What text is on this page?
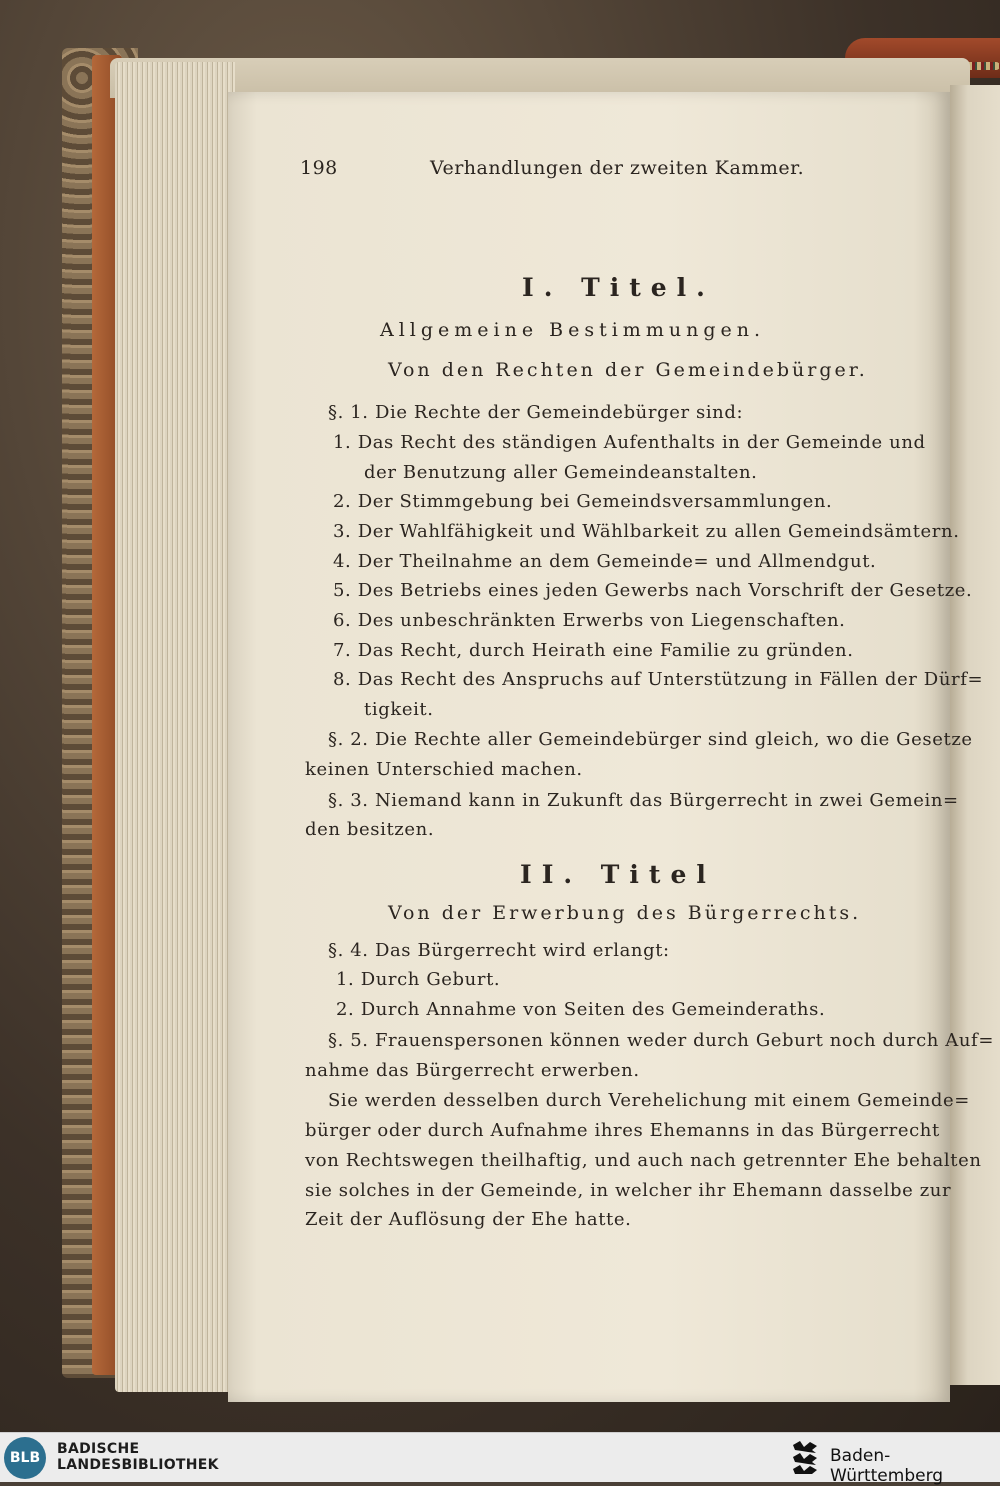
198	Verhandlungen der zweiten Kammer.
I. Titel.
Allgemeine Bestimmungen.
Von den Rechten der Gemeindebürger.
§. 1. Die Rechte der Gemeindebürger sind:
1. Das Recht des ständigen Aufenthalts in der Gemeinde und
der Benutzung aller Gemeindeanstalten.
2. Der Stimmgebung bei Gemeindsversammlungen.
3. Der Wahlfähigkeit und Wählbarkeit zu allen Gemeindsämtern.
4. Der Theilnahme an dem Gemeinde= und Allmendgut.
5. Des Betriebs eines jeden Gewerbs nach Vorschrift der Gesetze.
6. Des unbeschränkten Erwerbs von Liegenschaften.
7. Das Recht, durch Heirath eine Familie zu gründen.
8. Das Recht des Anspruchs auf Unterstützung in Fällen der Dürf=
tigkeit.
§. 2. Die Rechte aller Gemeindebürger sind gleich, wo die Gesetze
keinen Unterschied machen.
§. 3. Niemand kann in Zukunft das Bürgerrecht in zwei Gemein=
den besitzen.
II. Titel
Von der Erwerbung des Bürgerrechts.
§. 4. Das Bürgerrecht wird erlangt:
1. Durch Geburt.
2. Durch Annahme von Seiten des Gemeinderaths.
§. 5. Frauenspersonen können weder durch Geburt noch durch Auf=
nahme das Bürgerrecht erwerben.
Sie werden desselben durch Verehelichung mit einem Gemeinde=
bürger oder durch Aufnahme ihres Ehemanns in das Bürgerrecht
von Rechtswegen theilhaftig, und auch nach getrennter Ehe behalten
sie solches in der Gemeinde, in welcher ihr Ehemann dasselbe zur
Zeit der Auflösung der Ehe hatte.
BLB
BADISCHE
LANDESBIBLIOTHEK	Baden-Württemberg
